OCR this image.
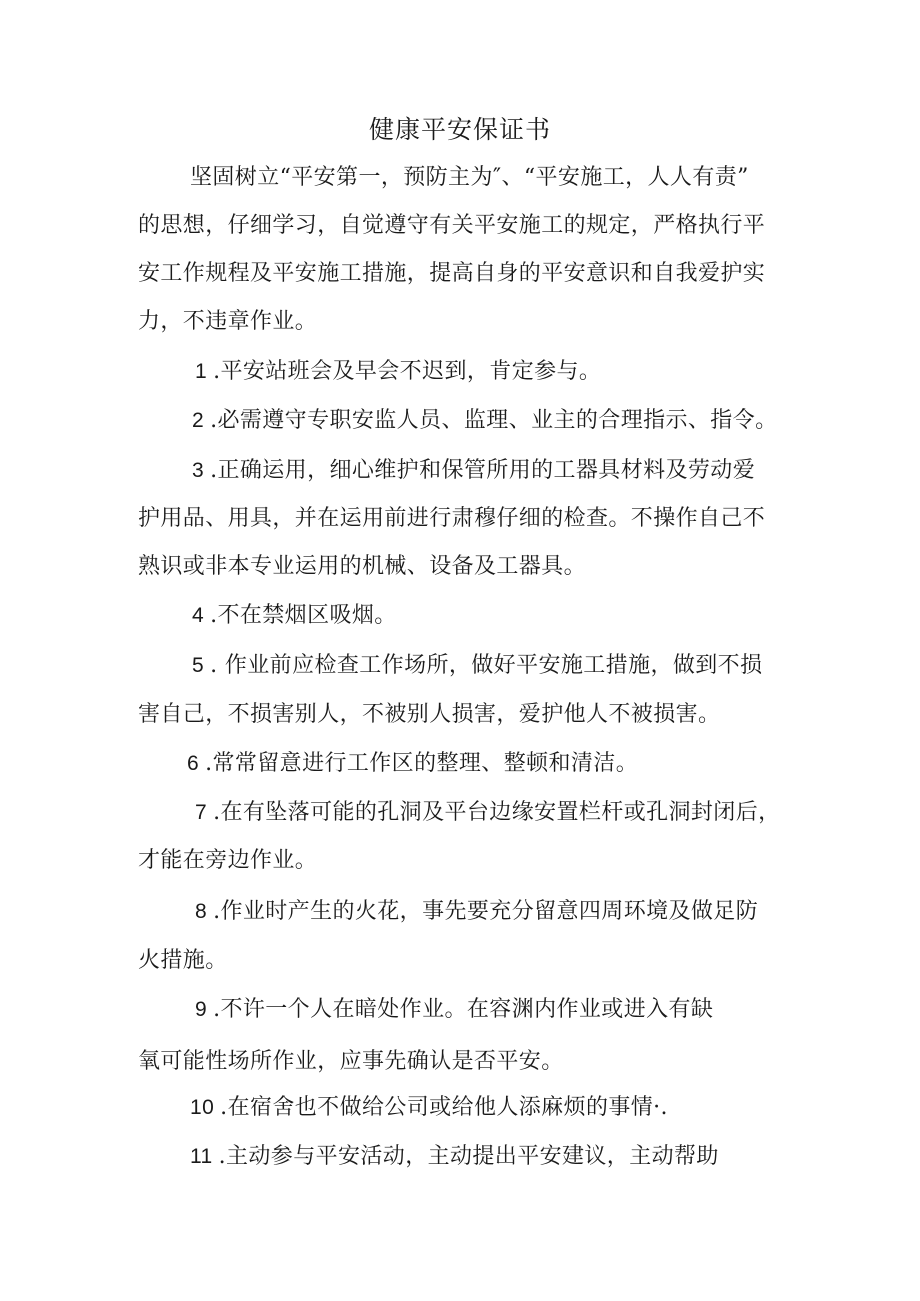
健康平安保证书
坚固树立“平安第一，预防主为″、“平安施工，人人有责”
的思想，仔细学习，自觉遵守有关平安施工的规定，严格执行平
安工作规程及平安施工措施，提高自身的平安意识和自我爱护实
力，不违章作业。
1 .平安站班会及早会不迟到，肯定参与。
2 .必需遵守专职安监人员、监理、业主的合理指示、指令。
3 .正确运用，细心维护和保管所用的工器具材料及劳动爱
护用品、用具，并在运用前进行肃穆仔细的检查。不操作自己不
熟识或非本专业运用的机械、设备及工器具。
4 .不在禁烟区吸烟。
5 . 作业前应检查工作场所，做好平安施工措施，做到不损
害自己，不损害别人，不被别人损害，爱护他人不被损害。
6 .常常留意进行工作区的整理、整顿和清洁。
7 .在有坠落可能的孔洞及平台边缘安置栏杆或孔洞封闭后，
才能在旁边作业。
8 .作业时产生的火花，事先要充分留意四周环境及做足防
火措施。
9 .不许一个人在暗处作业。在容渊内作业或进入有缺
氧可能性场所作业，应事先确认是否平安。
10 .在宿舍也不做给公司或给他人添麻烦的事情·.
11 .主动参与平安活动，主动提出平安建议，主动帮助
